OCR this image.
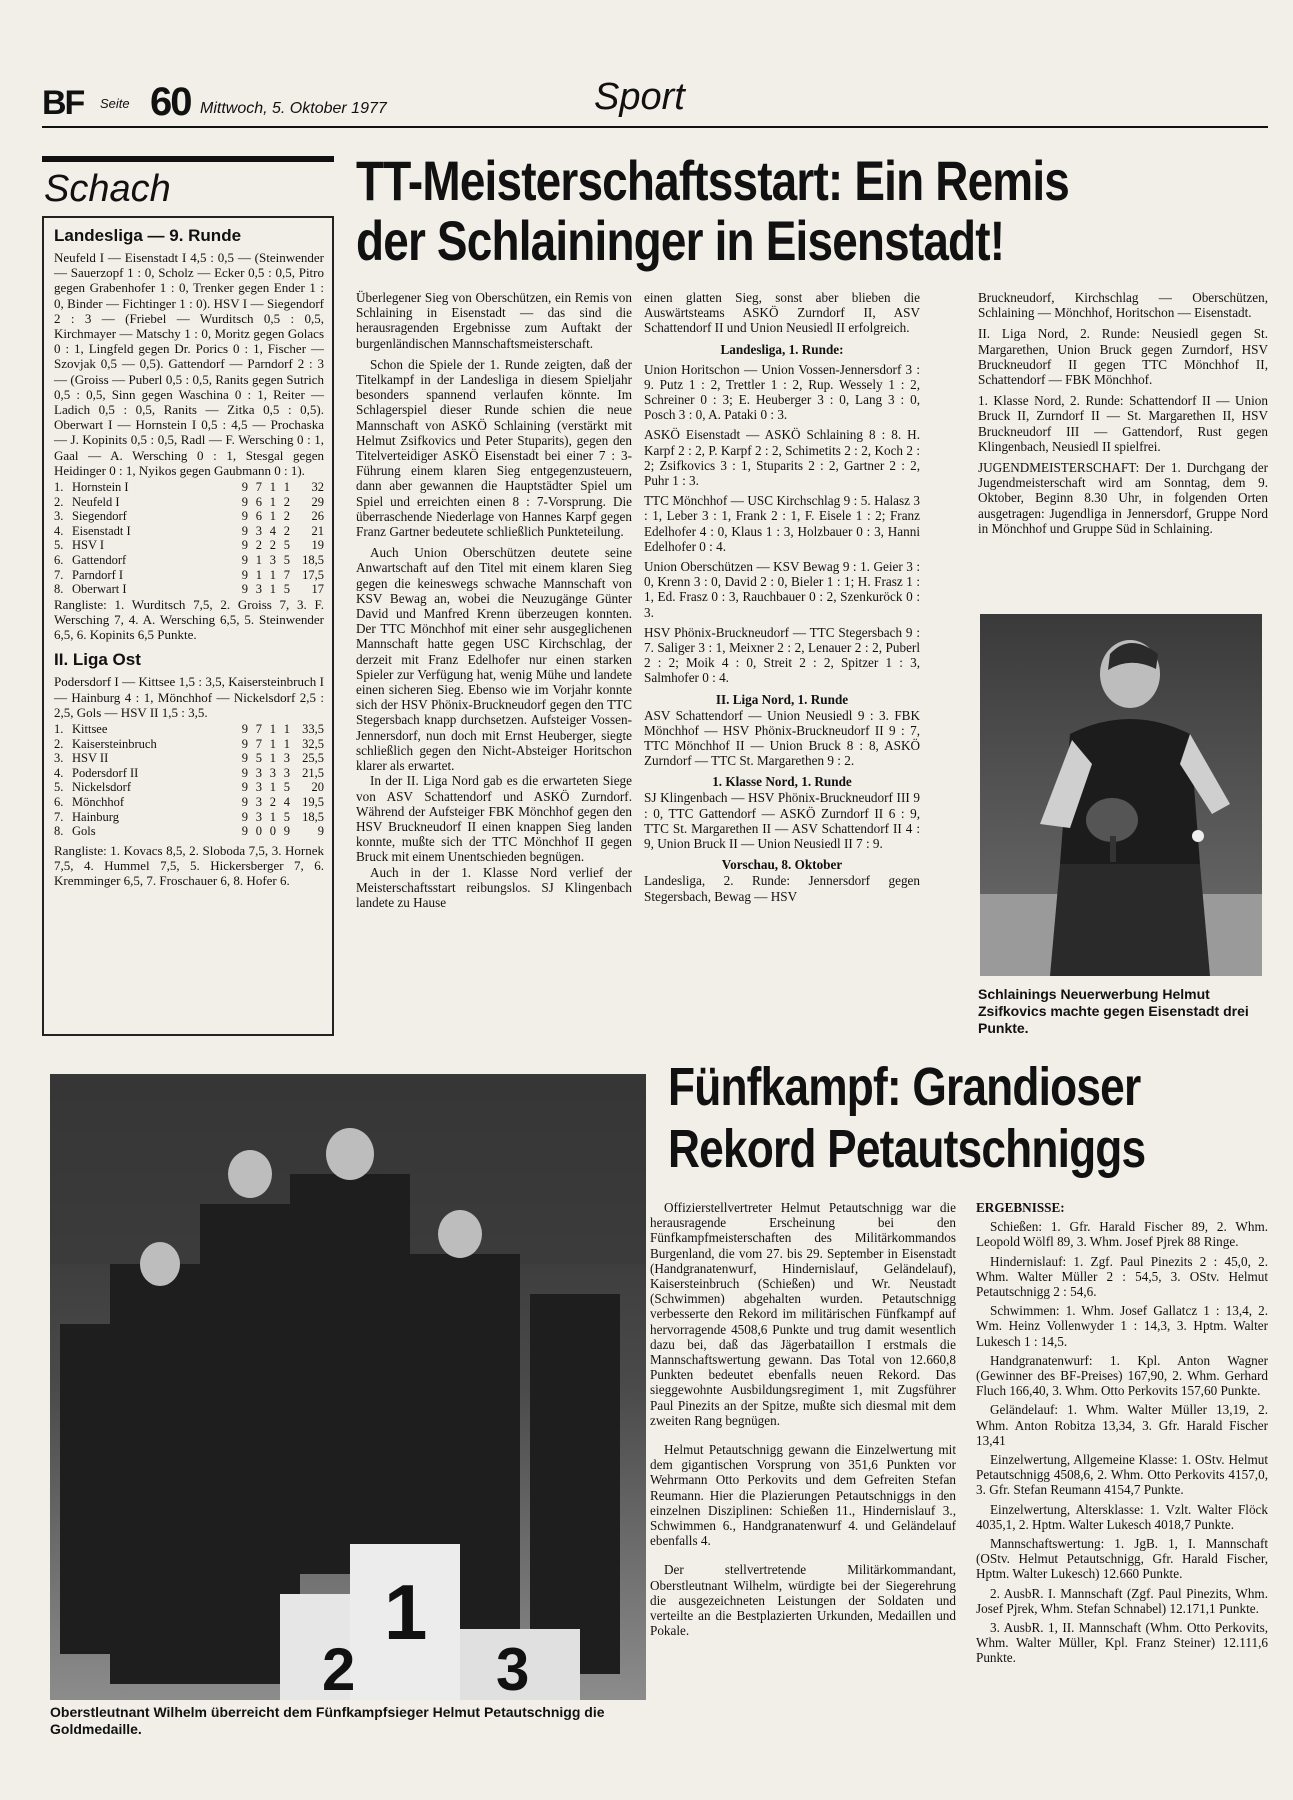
BF Seite 60 Mittwoch, 5. Oktober 1977	Sport
Schach
Landesliga — 9. Runde
Neufeld I — Eisenstadt I 4,5 : 0,5 — (Steinwender — Sauerzopf 1 : 0, Scholz — Ecker 0,5 : 0,5, Pitro gegen Grabenhofer 1 : 0, Trenker gegen Ender 1 : 0, Binder — Fichtinger 1 : 0). HSV I — Siegendorf 2 : 3 — (Friebel — Wurditsch 0,5 : 0,5, Kirchmayer — Matschy 1 : 0, Moritz gegen Golacs 0 : 1, Lingfeld gegen Dr. Porics 0 : 1, Fischer — Szovjak 0,5 — 0,5). Gattendorf — Parndorf 2 : 3 — (Groiss — Puberl 0,5 : 0,5, Ranits gegen Sutrich 0,5 : 0,5, Sinn gegen Waschina 0 : 1, Reiter — Ladich 0,5 : 0,5, Ranits — Zitka 0,5 : 0,5). Oberwart I — Hornstein I 0,5 : 4,5 — Prochaska — J. Kopinits 0,5 : 0,5, Radl — F. Wersching 0 : 1, Gaal — A. Wersching 0 : 1, Stesgal gegen Heidinger 0 : 1, Nyikos gegen Gaubmann 0 : 1).
1.	Hornstein I	9	7	1	1	32
2.	Neufeld I	9	6	1	2	29
3.	Siegendorf	9	6	1	2	26
4.	Eisenstadt I	9	3	4	2	21
5.	HSV I	9	2	2	5	19
6.	Gattendorf	9	1	3	5	18,5
7.	Parndorf I	9	1	1	7	17,5
8.	Oberwart I	9	3	1	5	17
Rangliste: 1. Wurditsch 7,5, 2. Groiss 7, 3. F. Wersching 7, 4. A. Wersching 6,5, 5. Steinwender 6,5, 6. Kopinits 6,5 Punkte.
II. Liga Ost
Podersdorf I — Kittsee 1,5 : 3,5, Kaisersteinbruch I — Hainburg 4 : 1, Mönchhof — Nickelsdorf 2,5 : 2,5, Gols — HSV II 1,5 : 3,5.
1.	Kittsee	9	7	1	1	33,5
2.	Kaisersteinbruch	9	7	1	1	32,5
3.	HSV II	9	5	1	3	25,5
4.	Podersdorf II	9	3	3	3	21,5
5.	Nickelsdorf	9	3	1	5	20
6.	Mönchhof	9	3	2	4	19,5
7.	Hainburg	9	3	1	5	18,5
8.	Gols	9	0	0	9	9
Rangliste: 1. Kovacs 8,5, 2. Sloboda 7,5, 3. Hornek 7,5, 4. Hummel 7,5, 5. Hickersberger 7, 6. Kremminger 6,5, 7. Froschauer 6, 8. Hofer 6.
TT-Meisterschaftsstart: Ein Remis
der Schlaininger in Eisenstadt!

Überlegener Sieg von Oberschützen, ein Remis von Schlaining in Eisenstadt — das sind die herausragenden Ergebnisse zum Auftakt der burgenländischen Mannschaftsmeisterschaft.

Schon die Spiele der 1. Runde zeigten, daß der Titelkampf in der Landesliga in diesem Spieljahr besonders spannend verlaufen könnte. Im Schlagerspiel dieser Runde schien die neue Mannschaft von ASKÖ Schlaining (verstärkt mit Helmut Zsifkovics und Peter Stuparits), gegen den Titelverteidiger ASKÖ Eisenstadt bei einer 7 : 3-Führung einem klaren Sieg entgegenzusteuern, dann aber gewannen die Hauptstädter Spiel um Spiel und erreichten einen 8 : 7-Vorsprung. Die überraschende Niederlage von Hannes Karpf gegen Franz Gartner bedeutete schließlich Punkteteilung.

Auch Union Oberschützen deutete seine Anwartschaft auf den Titel mit einem klaren Sieg gegen die keineswegs schwache Mannschaft von KSV Bewag an, wobei die Neuzugänge Günter David und Manfred Krenn überzeugen konnten. Der TTC Mönchhof mit einer sehr ausgeglichenen Mannschaft hatte gegen USC Kirchschlag, der derzeit mit Franz Edelhofer nur einen starken Spieler zur Verfügung hat, wenig Mühe und landete einen sicheren Sieg. Ebenso wie im Vorjahr konnte sich der HSV Phönix-Bruckneudorf gegen den TTC Stegersbach knapp durchsetzen. Aufsteiger Vossen-Jennersdorf, nun doch mit Ernst Heuberger, siegte schließlich gegen den Nicht-Absteiger Horitschon klarer als erwartet.

In der II. Liga Nord gab es die erwarteten Siege von ASV Schattendorf und ASKÖ Zurndorf. Während der Aufsteiger FBK Mönchhof gegen den HSV Bruckneudorf II einen knappen Sieg landen konnte, mußte sich der TTC Mönchhof II gegen Bruck mit einem Unentschieden begnügen.

Auch in der 1. Klasse Nord verlief der Meisterschaftsstart reibungslos. SJ Klingenbach landete zu Hause

einen glatten Sieg, sonst aber blieben die Auswärtsteams ASKÖ Zurndorf II, ASV Schattendorf II und Union Neusiedl II erfolgreich.

Landesliga, 1. Runde:

Union Horitschon — Union Vossen-Jennersdorf 3 : 9. Putz 1 : 2, Trettler 1 : 2, Rup. Wessely 1 : 2, Schreiner 0 : 3; E. Heuberger 3 : 0, Lang 3 : 0, Posch 3 : 0, A. Pataki 0 : 3.

ASKÖ Eisenstadt — ASKÖ Schlaining 8 : 8. H. Karpf 2 : 2, P. Karpf 2 : 2, Schimetits 2 : 2, Koch 2 : 2; Zsifkovics 3 : 1, Stuparits 2 : 2, Gartner 2 : 2, Puhr 1 : 3.

TTC Mönchhof — USC Kirchschlag 9 : 5. Halasz 3 : 1, Leber 3 : 1, Frank 2 : 1, F. Eisele 1 : 2; Franz Edelhofer 4 : 0, Klaus 1 : 3, Holzbauer 0 : 3, Hanni Edelhofer 0 : 4.

Union Oberschützen — KSV Bewag 9 : 1. Geier 3 : 0, Krenn 3 : 0, David 2 : 0, Bieler 1 : 1; H. Frasz 1 : 1, Ed. Frasz 0 : 3, Rauchbauer 0 : 2, Szenkuröck 0 : 3.

HSV Phönix-Bruckneudorf — TTC Stegersbach 9 : 7. Saliger 3 : 1, Meixner 2 : 2, Lenauer 2 : 2, Puberl 2 : 2; Moik 4 : 0, Streit 2 : 2, Spitzer 1 : 3, Salmhofer 0 : 4.

II. Liga Nord, 1. Runde

ASV Schattendorf — Union Neusiedl 9 : 3. FBK Mönchhof — HSV Phönix-Bruckneudorf II 9 : 7, TTC Mönchhof II — Union Bruck 8 : 8, ASKÖ Zurndorf — TTC St. Margarethen 9 : 2.

1. Klasse Nord, 1. Runde

SJ Klingenbach — HSV Phönix-Bruckneudorf III 9 : 0, TTC Gattendorf — ASKÖ Zurndorf II 6 : 9, TTC St. Margarethen II — ASV Schattendorf II 4 : 9, Union Bruck II — Union Neusiedl II 7 : 9.

Vorschau, 8. Oktober

Landesliga, 2. Runde: Jennersdorf gegen Stegersbach, Bewag — HSV

Bruckneudorf, Kirchschlag — Oberschützen, Schlaining — Mönchhof, Horitschon — Eisenstadt.

II. Liga Nord, 2. Runde: Neusiedl gegen St. Margarethen, Union Bruck gegen Zurndorf, HSV Bruckneudorf II gegen TTC Mönchhof II, Schattendorf — FBK Mönchhof.

1. Klasse Nord, 2. Runde: Schattendorf II — Union Bruck II, Zurndorf II — St. Margarethen II, HSV Bruckneudorf III — Gattendorf, Rust gegen Klingenbach, Neusiedl II spielfrei.

JUGENDMEISTERSCHAFT: Der 1. Durchgang der Jugendmeisterschaft wird am Sonntag, dem 9. Oktober, Beginn 8.30 Uhr, in folgenden Orten ausgetragen: Jugendliga in Jennersdorf, Gruppe Nord in Mönchhof und Gruppe Süd in Schlaining.

Schlainings Neuerwerbung Helmut Zsifkovics machte gegen Eisenstadt drei Punkte.
1
2 3
Oberstleutnant Wilhelm überreicht dem Fünfkampfsieger Helmut Petautschnigg die Goldmedaille.
Fünfkampf: Grandioser
Rekord Petautschniggs

Offizierstellvertreter Helmut Petautschnigg war die herausragende Erscheinung bei den Fünfkampfmeisterschaften des Militärkommandos Burgenland, die vom 27. bis 29. September in Eisenstadt (Handgranatenwurf, Hindernislauf, Geländelauf), Kaisersteinbruch (Schießen) und Wr. Neustadt (Schwimmen) abgehalten wurden. Petautschnigg verbesserte den Rekord im militärischen Fünfkampf auf hervorragende 4508,6 Punkte und trug damit wesentlich dazu bei, daß das Jägerbataillon I erstmals die Mannschaftswertung gewann. Das Total von 12.660,8 Punkten bedeutet ebenfalls neuen Rekord. Das sieggewohnte Ausbildungsregiment 1, mit Zugsführer Paul Pinezits an der Spitze, mußte sich diesmal mit dem zweiten Rang begnügen.

Helmut Petautschnigg gewann die Einzelwertung mit dem gigantischen Vorsprung von 351,6 Punkten vor Wehrmann Otto Perkovits und dem Gefreiten Stefan Reumann. Hier die Plazierungen Petautschniggs in den einzelnen Disziplinen: Schießen 11., Hindernislauf 3., Schwimmen 6., Handgranatenwurf 4. und Geländelauf ebenfalls 4.

Der stellvertretende Militärkommandant, Oberstleutnant Wilhelm, würdigte bei der Siegerehrung die ausgezeichneten Leistungen der Soldaten und verteilte an die Bestplazierten Urkunden, Medaillen und Pokale.

ERGEBNISSE:

Schießen: 1. Gfr. Harald Fischer 89, 2. Whm. Leopold Wölfl 89, 3. Whm. Josef Pjrek 88 Ringe.

Hindernislauf: 1. Zgf. Paul Pinezits 2 : 45,0, 2. Whm. Walter Müller 2 : 54,5, 3. OStv. Helmut Petautschnigg 2 : 54,6.

Schwimmen: 1. Whm. Josef Gallatcz 1 : 13,4, 2. Wm. Heinz Vollenwyder 1 : 14,3, 3. Hptm. Walter Lukesch 1 : 14,5.

Handgranatenwurf: 1. Kpl. Anton Wagner (Gewinner des BF-Preises) 167,90, 2. Whm. Gerhard Fluch 166,40, 3. Whm. Otto Perkovits 157,60 Punkte.

Geländelauf: 1. Whm. Walter Müller 13,19, 2. Whm. Anton Robitza 13,34, 3. Gfr. Harald Fischer 13,41

Einzelwertung, Allgemeine Klasse: 1. OStv. Helmut Petautschnigg 4508,6, 2. Whm. Otto Perkovits 4157,0, 3. Gfr. Stefan Reumann 4154,7 Punkte.

Einzelwertung, Altersklasse: 1. Vzlt. Walter Flöck 4035,1, 2. Hptm. Walter Lukesch 4018,7 Punkte.

Mannschaftswertung: 1. JgB. 1, I. Mannschaft (OStv. Helmut Petautschnigg, Gfr. Harald Fischer, Hptm. Walter Lukesch) 12.660 Punkte.

2. AusbR. I. Mannschaft (Zgf. Paul Pinezits, Whm. Josef Pjrek, Whm. Stefan Schnabel) 12.171,1 Punkte.

3. AusbR. 1, II. Mannschaft (Whm. Otto Perkovits, Whm. Walter Müller, Kpl. Franz Steiner) 12.111,6 Punkte.
